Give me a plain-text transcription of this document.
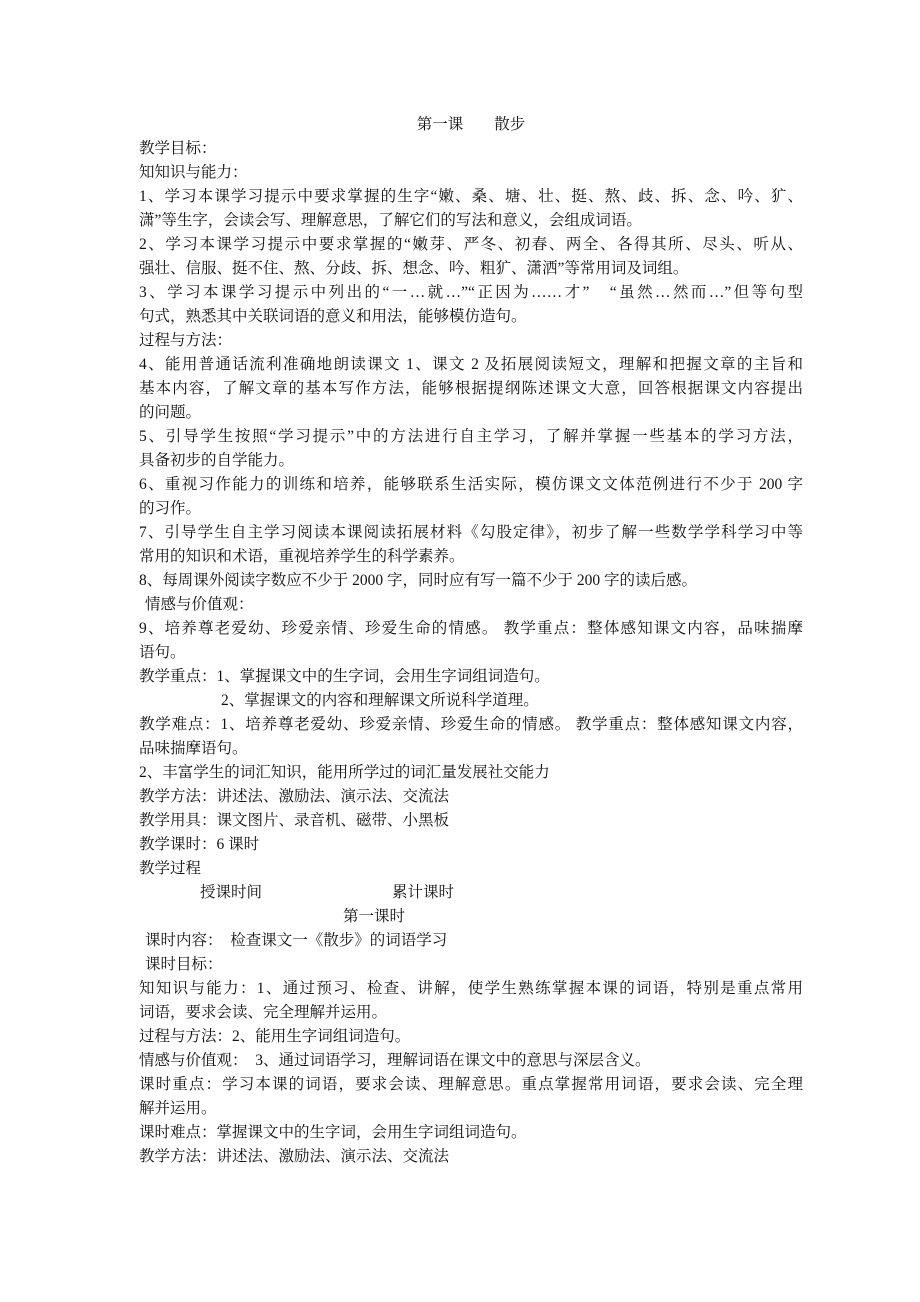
第一课　　散步
教学目标：
知知识与能力：
1、学习本课学习提示中要求掌握的生字“嫩、桑、塘、壮、挺、熬、歧、拆、念、吟、犷、
潇”等生字，会读会写、理解意思，了解它们的写法和意义，会组成词语。
2、学习本课学习提示中要求掌握的“嫩芽、严冬、初春、两全、各得其所、尽头、听从、
强壮、信服、挺不住、熬、分歧、拆、想念、吟、粗犷、潇洒”等常用词及词组。
3、学习本课学习提示中列出的“一…就…”“正因为……才”　“虽然…然而…”但等句型
句式，熟悉其中关联词语的意义和用法，能够模仿造句。
过程与方法：
4、能用普通话流利准确地朗读课文 1、课文 2 及拓展阅读短文，理解和把握文章的主旨和
基本内容，了解文章的基本写作方法，能够根据提纲陈述课文大意，回答根据课文内容提出
的问题。
5、引导学生按照“学习提示”中的方法进行自主学习，了解并掌握一些基本的学习方法，
具备初步的自学能力。
6、重视习作能力的训练和培养，能够联系生活实际，模仿课文文体范例进行不少于 200 字
的习作。
7、引导学生自主学习阅读本课阅读拓展材料《勾股定律》，初步了解一些数学学科学习中等
常用的知识和术语，重视培养学生的科学素养。
8、每周课外阅读字数应不少于 2000 字，同时应有写一篇不少于 200 字的读后感。
情感与价值观：
9、培养尊老爱幼、珍爱亲情、珍爱生命的情感。 教学重点：整体感知课文内容，品味揣摩
语句。
教学重点：1、掌握课文中的生字词，会用生字词组词造句。
2、掌握课文的内容和理解课文所说科学道理。
教学难点：1、培养尊老爱幼、珍爱亲情、珍爱生命的情感。 教学重点：整体感知课文内容，
品味揣摩语句。
2、丰富学生的词汇知识，能用所学过的词汇量发展社交能力
教学方法：讲述法、激励法、演示法、交流法
教学用具：课文图片、录音机、磁带、小黑板
教学课时：6 课时
教学过程
授课时间	累计课时
第一课时
课时内容：　检查课文一《散步》的词语学习
课时目标：
知知识与能力：1、通过预习、检查、讲解，使学生熟练掌握本课的词语，特别是重点常用
词语，要求会读、完全理解并运用。
过程与方法：2、能用生字词组词造句。
情感与价值观：　3、通过词语学习，理解词语在课文中的意思与深层含义。
课时重点：学习本课的词语，要求会读、理解意思。重点掌握常用词语，要求会读、完全理
解并运用。
课时难点：掌握课文中的生字词，会用生字词组词造句。
教学方法：讲述法、激励法、演示法、交流法
